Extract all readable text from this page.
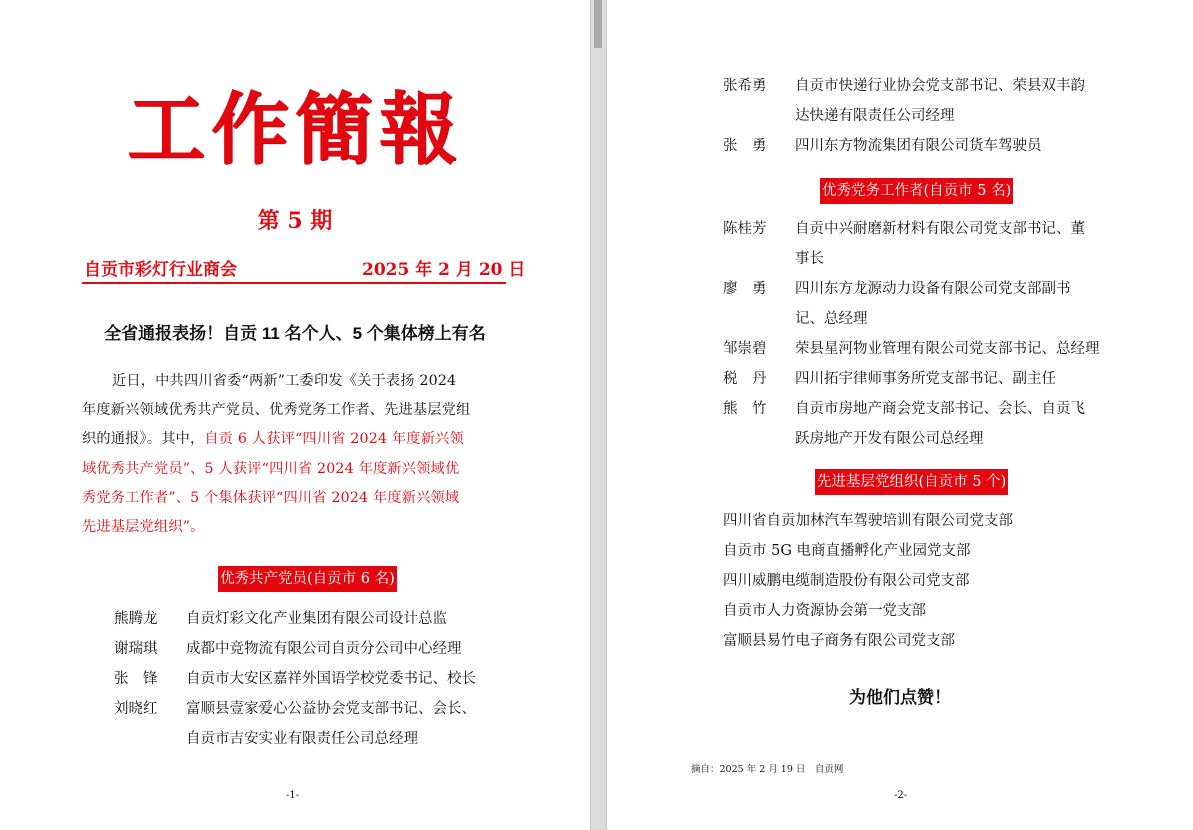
工作簡報
第 5 期
自贡市彩灯行业商会	2025 年 2 月 20 日
全省通报表扬！自贡 11 名个人、5 个集体榜上有名
近日，中共四川省委“两新”工委印发《关于表扬 2024
年度新兴领域优秀共产党员、优秀党务工作者、先进基层党组
织的通报》。其中，自贡 6 人获评“四川省 2024 年度新兴领
域优秀共产党员”、5 人获评“四川省 2024 年度新兴领域优
秀党务工作者”、5 个集体获评“四川省 2024 年度新兴领域
先进基层党组织”。
优秀共产党员(自贡市 6 名)
熊腾龙 自贡灯彩文化产业集团有限公司设计总监
谢瑞琪 成都中竞物流有限公司自贡分公司中心经理
张　锋 自贡市大安区嘉祥外国语学校党委书记、校长
刘晓红 富顺县壹家爱心公益协会党支部书记、会长、
自贡市吉安实业有限责任公司总经理
-1-
张希勇 自贡市快递行业协会党支部书记、荣县双丰韵
达快递有限责任公司经理
张　勇 四川东方物流集团有限公司货车驾驶员
优秀党务工作者(自贡市 5 名)
陈桂芳 自贡中兴耐磨新材料有限公司党支部书记、董
事长
廖　勇 四川东方龙源动力设备有限公司党支部副书
记、总经理
邹崇碧 荣县星河物业管理有限公司党支部书记、总经理
税　丹 四川拓宇律师事务所党支部书记、副主任
熊　竹 自贡市房地产商会党支部书记、会长、自贡飞
跃房地产开发有限公司总经理
先进基层党组织(自贡市 5 个)
四川省自贡加林汽车驾驶培训有限公司党支部
自贡市 5G 电商直播孵化产业园党支部
四川威鹏电缆制造股份有限公司党支部
自贡市人力资源协会第一党支部
富顺县易竹电子商务有限公司党支部
为他们点赞！
摘自：2025 年 2 月 19 日　自贡网
-2-
